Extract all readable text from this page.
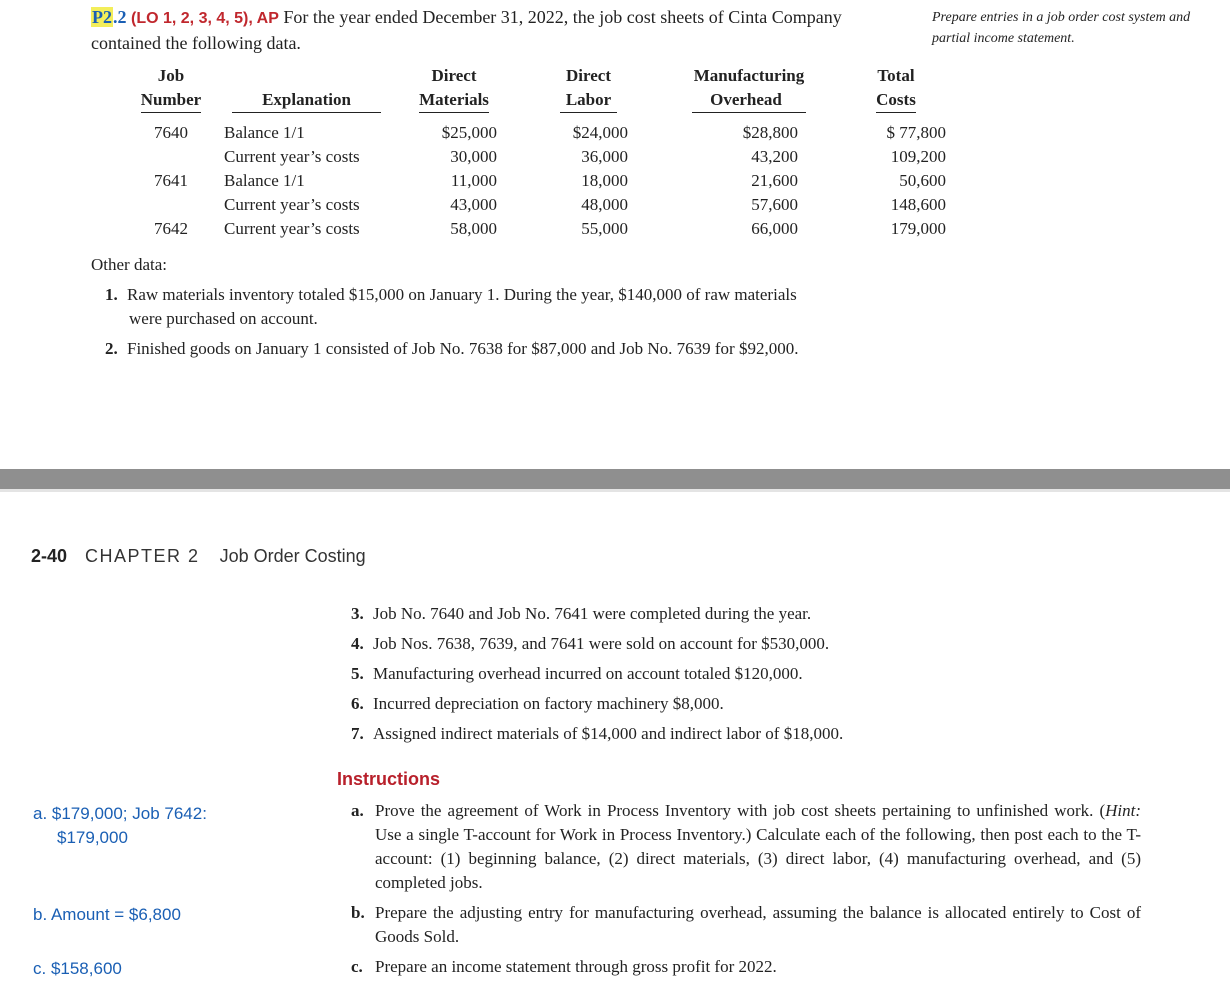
P2.2 (LO 1, 2, 3, 4, 5), AP For the year ended December 31, 2022, the job cost sheets of Cinta Company contained the following data.
Prepare entries in a job order cost system and partial income statement.
Job		Direct	Direct	Manufacturing	Total
Number	Explanation	Materials	Labor	Overhead	Costs
7640	Balance 1/1	$25,000	$24,000	$28,800	$ 77,800
	Current year’s costs	30,000	36,000	43,200	109,200
7641	Balance 1/1	11,000	18,000	21,600	50,600
	Current year’s costs	43,000	48,000	57,600	148,600
7642	Current year’s costs	58,000	55,000	66,000	179,000
Other data:
1. Raw materials inventory totaled $15,000 on January 1. During the year, $140,000 of raw materials
were purchased on account.
2. Finished goods on January 1 consisted of Job No. 7638 for $87,000 and Job No. 7639 for $92,000.
2-40 CHAPTER 2 Job Order Costing
3. Job No. 7640 and Job No. 7641 were completed during the year.
4. Job Nos. 7638, 7639, and 7641 were sold on account for $530,000.
5. Manufacturing overhead incurred on account totaled $120,000.
6. Incurred depreciation on factory machinery $8,000.
7. Assigned indirect materials of $14,000 and indirect labor of $18,000.
Instructions
a. Prove the agreement of Work in Process Inventory with job cost sheets pertaining to unfinished work. (Hint: Use a single T-account for Work in Process Inventory.) Calculate each of the following, then post each to the T-account: (1) beginning balance, (2) direct materials, (3) direct labor, (4) manufacturing overhead, and (5) completed jobs.
b. Prepare the adjusting entry for manufacturing overhead, assuming the balance is allocated entirely to Cost of Goods Sold.
c. Prepare an income statement through gross profit for 2022.
a. $179,000; Job 7642:
$179,000
b. Amount = $6,800
c. $158,600
